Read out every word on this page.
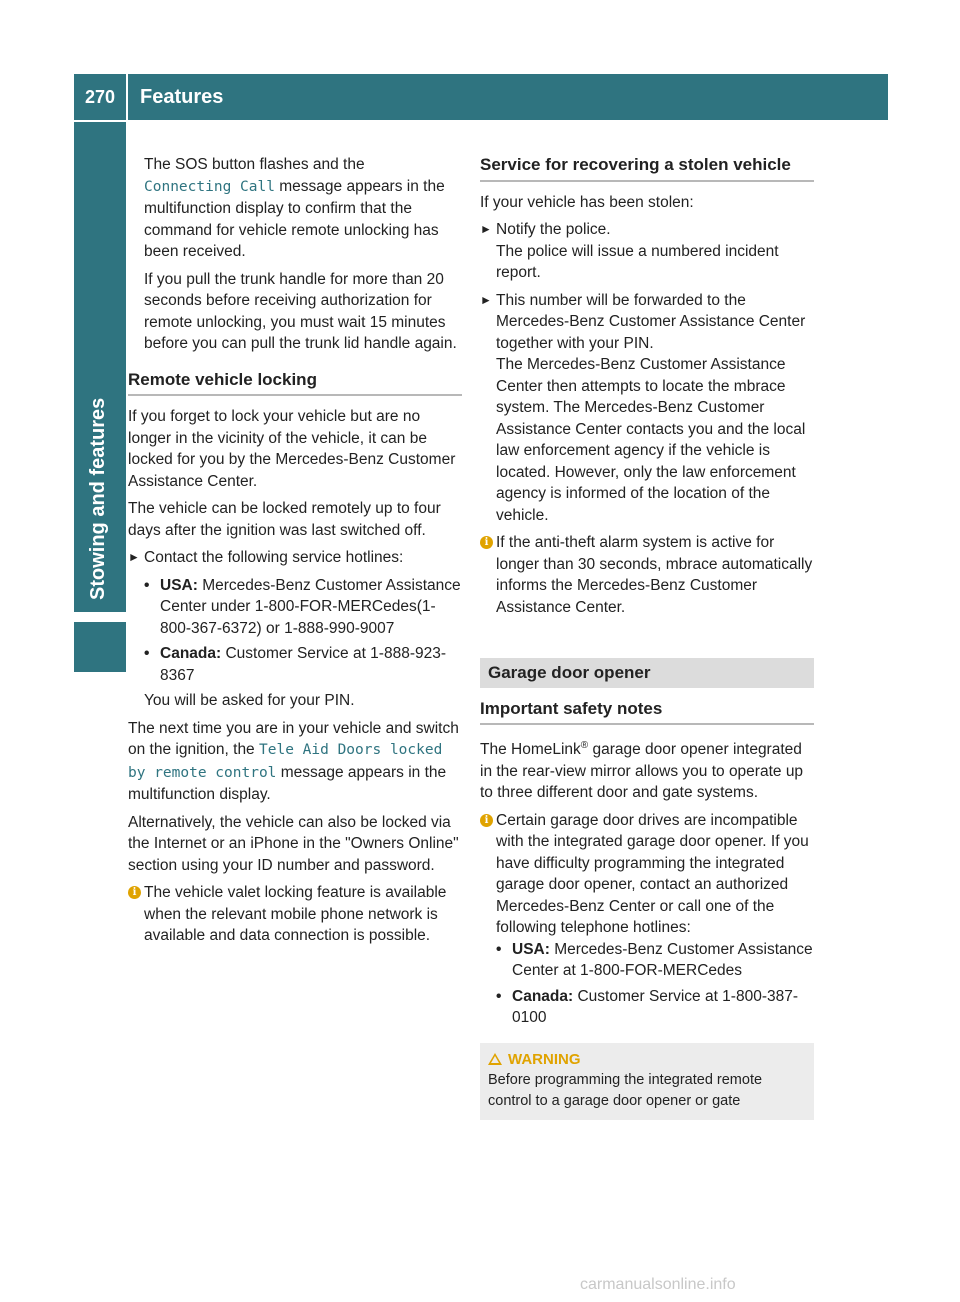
270	Features
Stowing and features

The SOS button flashes and the
Connecting Call message appears in the multifunction display to confirm that the command for vehicle remote unlocking has been received.

If you pull the trunk handle for more than 20 seconds before receiving authorization for remote unlocking, you must wait 15 minutes before you can pull the trunk lid handle again.

Remote vehicle locking

If you forget to lock your vehicle but are no longer in the vicinity of the vehicle, it can be locked for you by the Mercedes-Benz Customer Assistance Center.

The vehicle can be locked remotely up to four days after the ignition was last switched off.

► Contact the following service hotlines:
• USA: Mercedes-Benz Customer Assistance Center under 1-800-FOR-MERCedes(1-800-367-6372) or 1-888-990-9007
• Canada: Customer Service at 1-888-923-8367

You will be asked for your PIN.

The next time you are in your vehicle and switch on the ignition, the Tele Aid Doors locked by remote control message appears in the multifunction display.

Alternatively, the vehicle can also be locked via the Internet or an iPhone in the "Owners Online" section using your ID number and password.

i The vehicle valet locking feature is available when the relevant mobile phone network is available and data connection is possible.
Service for recovering a stolen vehicle

If your vehicle has been stolen:

► Notify the police.
The police will issue a numbered incident report.
► This number will be forwarded to the Mercedes-Benz Customer Assistance Center together with your PIN.
The Mercedes-Benz Customer Assistance Center then attempts to locate the mbrace system. The Mercedes-Benz Customer Assistance Center contacts you and the local law enforcement agency if the vehicle is located. However, only the law enforcement agency is informed of the location of the vehicle.
i If the anti-theft alarm system is active for longer than 30 seconds, mbrace automatically informs the Mercedes-Benz Customer Assistance Center.
Garage door opener
Important safety notes

The HomeLink® garage door opener integrated in the rear-view mirror allows you to operate up to three different door and gate systems.

i Certain garage door drives are incompatible with the integrated garage door opener. If you have difficulty programming the integrated garage door opener, contact an authorized Mercedes-Benz Center or call one of the following telephone hotlines:
• USA: Mercedes-Benz Customer Assistance Center at 1-800-FOR-MERCedes
• Canada: Customer Service at 1-800-387-0100
WARNING
Before programming the integrated remote control to a garage door opener or gate
carmanualsonline.info
